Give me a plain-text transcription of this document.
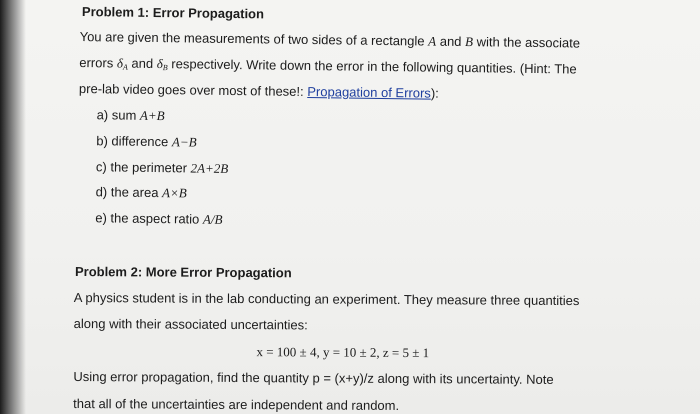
Problem 1: Error Propagation
You are given the measurements of two sides of a rectangle A and B with the associate
errors $\delta_A$ and $\delta_B$ respectively. Write down the error in the following quantities. (Hint: The
pre-lab video goes over most of these!: Propagation of Errors):
a) sum A+B
b) difference A−B
c) the perimeter 2A+2B
d) the area A×B
e) the aspect ratio A/B
Problem 2: More Error Propagation
A physics student is in the lab conducting an experiment. They measure three quantities
along with their associated uncertainties:
x = 100 ± 4, y = 10 ± 2, z = 5 ± 1
Using error propagation, find the quantity p = (x+y)/z along with its uncertainty. Note
that all of the uncertainties are independent and random.
